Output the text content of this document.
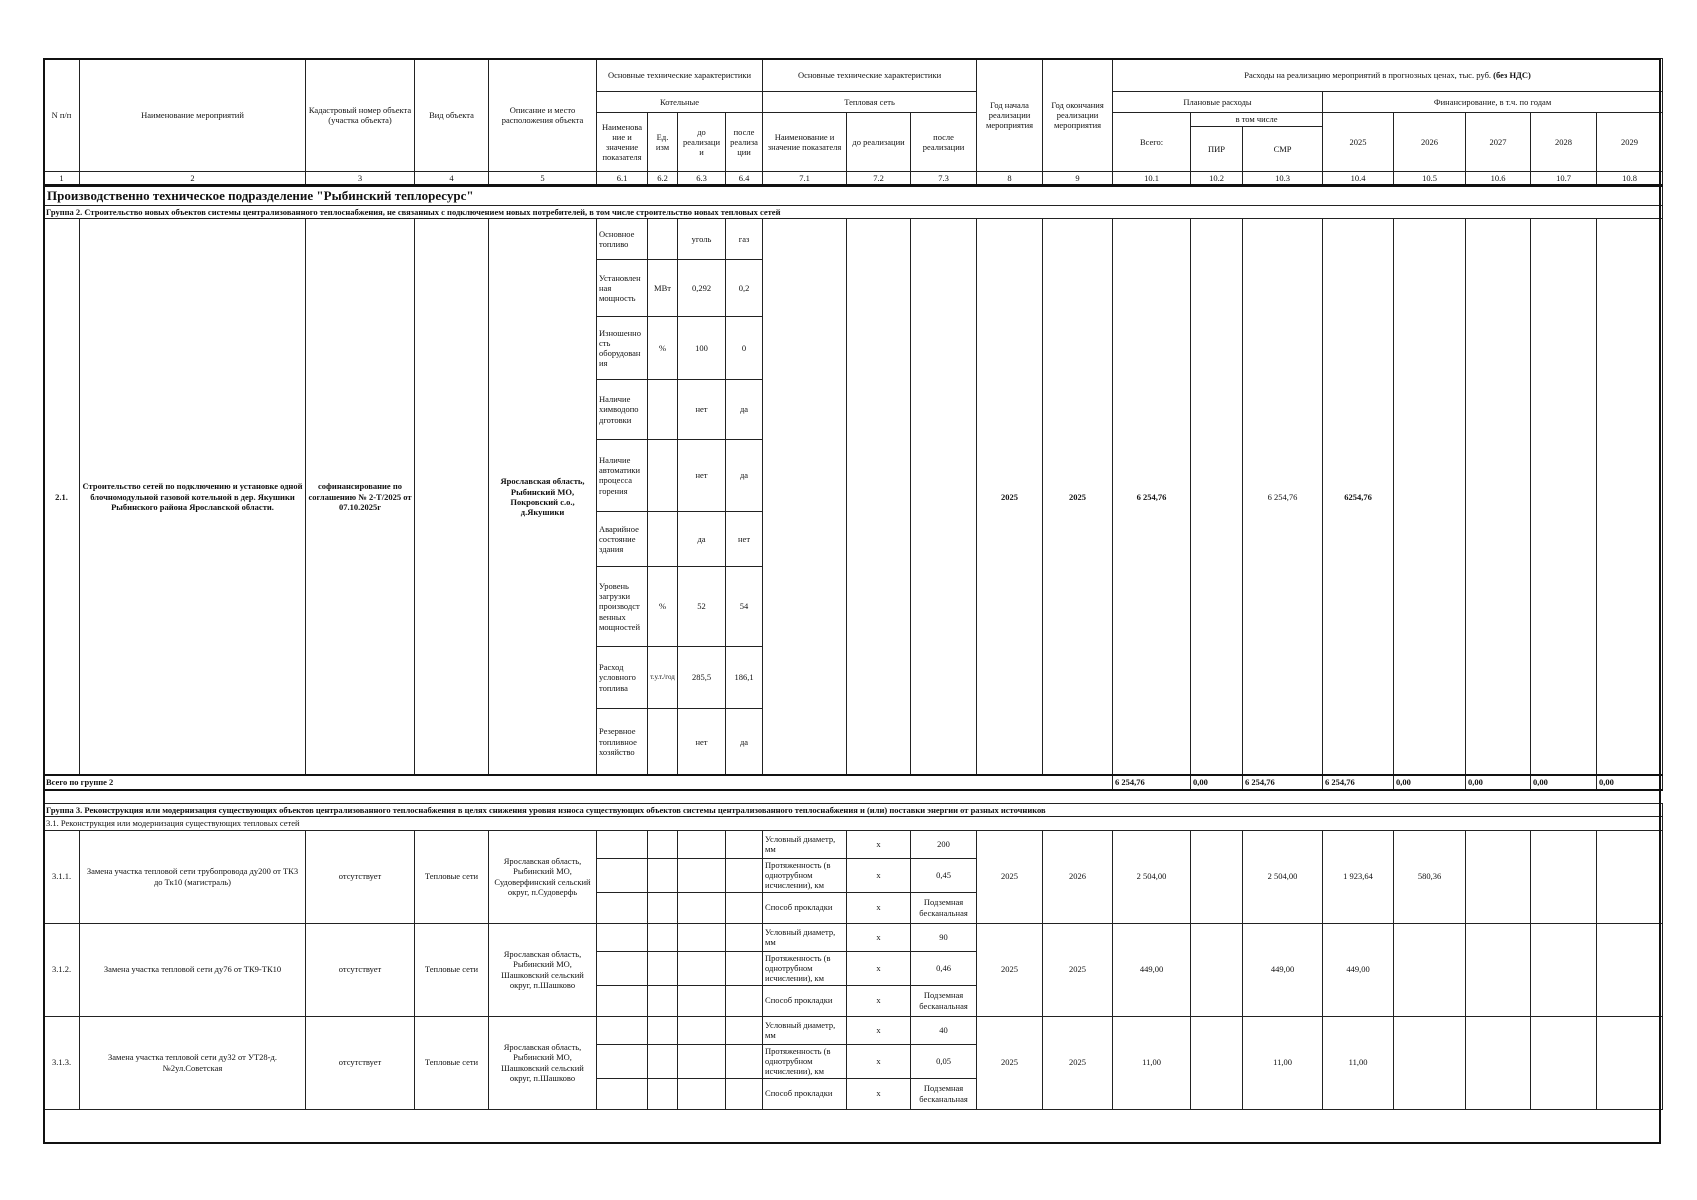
N п/п	Наименование мероприятий	Кадастровый номер объекта (участка объекта)	Вид объекта	Описание и место расположения объекта	Основные технические характеристики				Основные технические характеристики			Год начала реализации мероприятия	Год окончания реализации мероприятия	Расходы на реализацию мероприятий в прогнозных ценах, тыс. руб. (без НДС)							
					Котельные				Тепловая сеть					Плановые расходы			Финансирование, в т.ч. по годам				
					Наименова ние и значение показателя	Ед. изм	до реализаци и	после реализа ции	Наименование и значение показателя	до реализации	после реализации			Всего:	в том числе		2025	2026	2027	2028	2029
															ПИР	СМР					
1	2	3	4	5	6.1	6.2	6.3	6.4	7.1	7.2	7.3	8	9	10.1	10.2	10.3	10.4	10.5	10.6	10.7	10.8
Производственно техническое подразделение "Рыбинский теплоресурс"																					
Группа 2. Строительство новых объектов системы централизованного теплоснабжения, не связанных с подключением новых потребителей, в том числе строительство новых тепловых сетей																					
2.1.	Строительство сетей по подключению и установке одной блочномодульной газовой котельной в дер. Якушики Рыбинского района Ярославской области.	софинансирование по соглашению № 2-Т/2025 от 07.10.2025г		Ярославская область, Рыбинский МО, Покровский с.о., д.Якушики	Основное топливо		уголь	газ				2025	2025	6 254,76		6 254,76	6254,76				
					Установлен ная мощность	МВт	0,292	0,2													
					Изношенно сть оборудован ия	%	100	0													
					Наличие химводопо дготовки		нет	да													
					Наличие автоматики процесса горения		нет	да													
					Аварийное состояние здания		да	нет													
					Уровень загрузки производст венных мощностей	%	52	54													
					Расход условного топлива	т.у.т./год	285,5	186,1													
					Резервное топливное хозяйство		нет	да													
Всего по группе 2														6 254,76	0,00	6 254,76	6 254,76	0,00	0,00	0,00	0,00

Группа 3. Реконструкция или модернизация существующих объектов централизованного теплоснабжения в целях снижения уровня износа существующих объектов системы централизованного теплоснабжения и (или) поставки энергии от разных источников																					
3.1. Реконструкция или модернизация существующих тепловых сетей																					
3.1.1.	Замена участка тепловой сети трубопровода ду200 от ТК3 до Тк10 (магистраль)	отсутствует	Тепловые сети	Ярославская область, Рыбинский МО, Судоверфинский сельский округ, п.Судоверфь					Условный диаметр, мм	х	200	2025	2026	2 504,00		2 504,00	1 923,64	580,36			
									Протяженность (в однотрубном исчислении), км	х	0,45										
									Способ прокладки	х	Подземная бесканальная										
3.1.2.	Замена участка тепловой сети ду76 от ТК9-ТК10	отсутствует	Тепловые сети	Ярославская область, Рыбинский МО, Шашковский сельский округ, п.Шашково					Условный диаметр, мм	х	90	2025	2025	449,00		449,00	449,00				
									Протяженность (в однотрубном исчислении), км	х	0,46										
									Способ прокладки	х	Подземная бесканальная										
3.1.3.	Замена участка тепловой сети ду32 от УТ28-д.№2ул.Советская	отсутствует	Тепловые сети	Ярославская область, Рыбинский МО, Шашковский сельский округ, п.Шашково					Условный диаметр, мм	х	40	2025	2025	11,00		11,00	11,00				
									Протяженность (в однотрубном исчислении), км	х	0,05										
									Способ прокладки	х	Подземная бесканальная										
